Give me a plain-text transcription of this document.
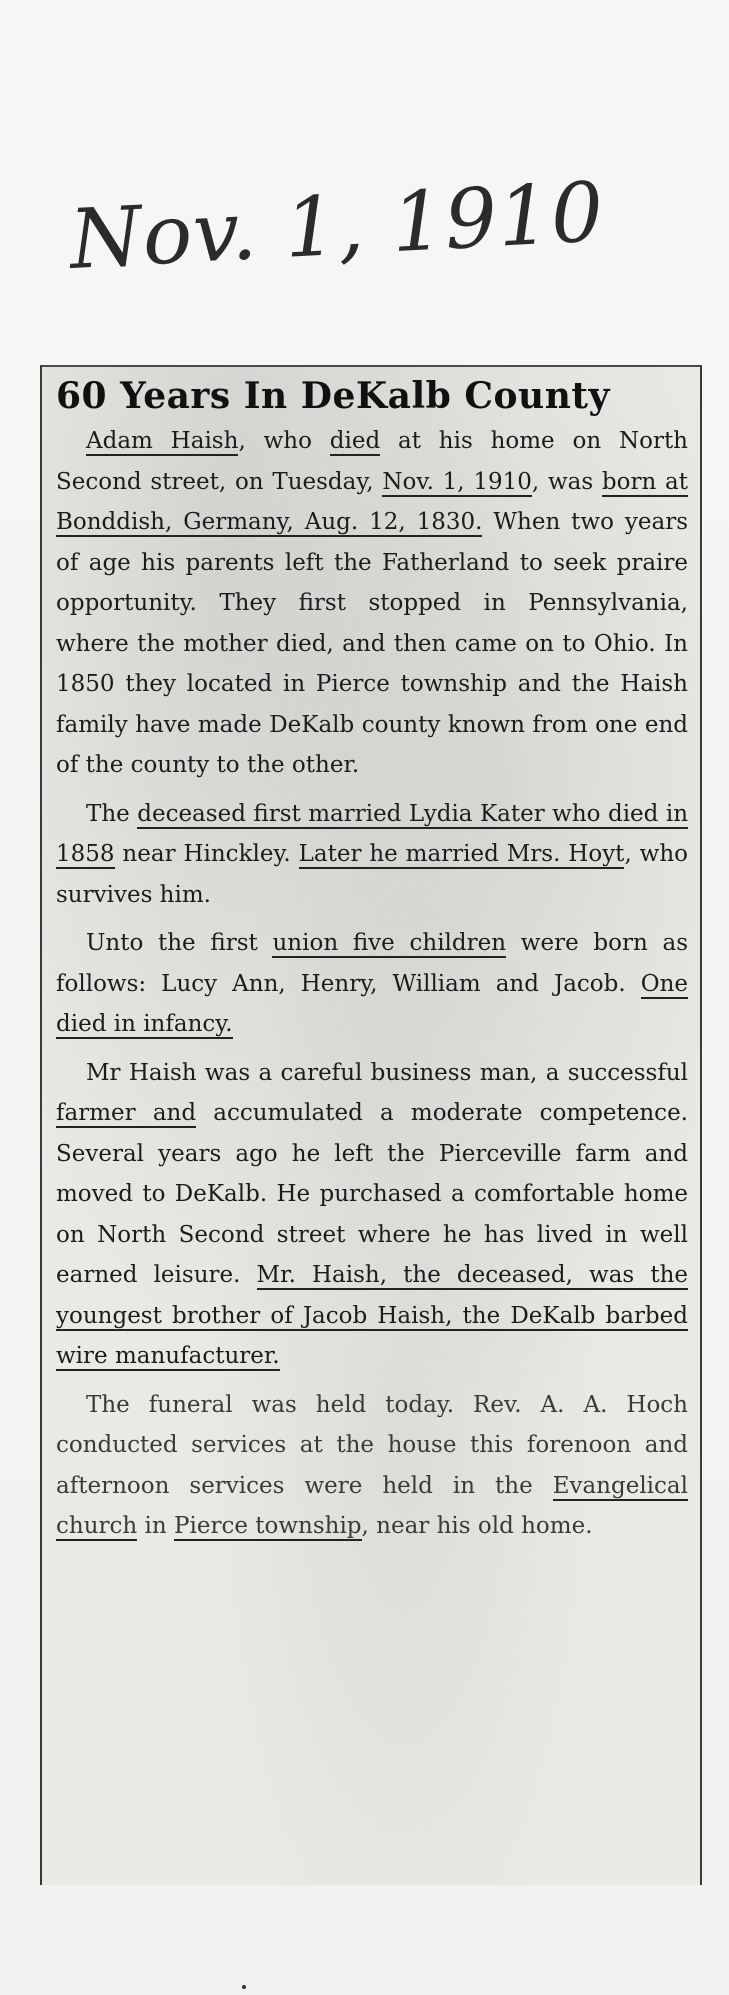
Nov. 1, 1910
60 Years In DeKalb County

Adam Haish, who died at his home on North Second street, on Tuesday, Nov. 1, 1910, was born at Bonddish, Germany, Aug. 12, 1830. When two years of age his parents left the Fatherland to seek praire opportunity. They first stopped in Pennsylvania, where the mother died, and then came on to Ohio. In 1850 they located in Pierce township and the Haish family have made DeKalb county known from one end of the county to the other.

The deceased first married Lydia Kater who died in 1858 near Hinckley. Later he married Mrs. Hoyt, who survives him.

Unto the first union five children were born as follows: Lucy Ann, Henry, William and Jacob. One died in infancy.

Mr Haish was a careful business man, a successful farmer and accumulated a moderate competence. Several years ago he left the Pierceville farm and moved to DeKalb. He purchased a comfortable home on North Second street where he has lived in well earned leisure. Mr. Haish, the deceased, was the youngest brother of Jacob Haish, the DeKalb barbed wire manufacturer.

The funeral was held today. Rev. A. A. Hoch conducted services at the house this forenoon and afternoon services were held in the Evangelical church in Pierce township, near his old home.
